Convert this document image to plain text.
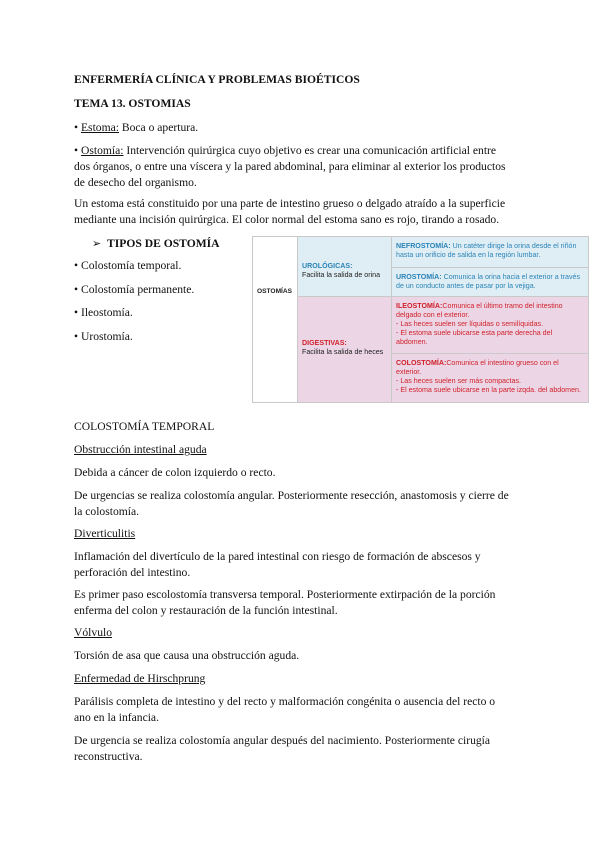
ENFERMERÍA CLÍNICA Y PROBLEMAS BIOÉTICOS

TEMA 13. OSTOMIAS

• Estoma: Boca o apertura.

• Ostomía: Intervención quirúrgica cuyo objetivo es crear una comunicación artificial entre

dos órganos, o entre una víscera y la pared abdominal, para eliminar al exterior los productos

de desecho del organismo.

Un estoma está constituido por una parte de intestino grueso o delgado atraído a la superficie

mediante una incisión quirúrgica. El color normal del estoma sano es rojo, tirando a rosado.

➢ TIPOS DE OSTOMÍA

• Colostomía temporal.

• Colostomía permanente.

• Ileostomía.

• Urostomía.

OSTOMÍAS
UROLÓGICAS:
Facilita la salida de orina
DIGESTIVAS:
Facilita la salida de heces
NEFROSTOMÍA: Un catéter dirige la orina desde el riñón
hasta un orificio de salida en la región lumbar.
UROSTOMÍA: Comunica la orina hacia el exterior a través
de un conducto antes de pasar por la vejiga.
ILEOSTOMÍA:Comunica el último tramo del intestino
delgado con el exterior.
- Las heces suelen ser líquidas o semilíquidas.
- El estoma suele ubicarse esta parte derecha del
abdomen.
COLOSTOMÍA:Comunica el intestino grueso con el
exterior.
- Las heces suelen ser más compactas.
- El estoma suele ubicarse en la parte izqda. del abdomen.

COLOSTOMÍA TEMPORAL

Obstrucción intestinal aguda

Debida a cáncer de colon izquierdo o recto.

De urgencias se realiza colostomía angular. Posteriormente resección, anastomosis y cierre de

la colostomía.

Diverticulitis

Inflamación del divertículo de la pared intestinal con riesgo de formación de abscesos y

perforación del intestino.

Es primer paso escolostomía transversa temporal. Posteriormente extirpación de la porción

enferma del colon y restauración de la función intestinal.

Vólvulo

Torsión de asa que causa una obstrucción aguda.

Enfermedad de Hirschprung

Parálisis completa de intestino y del recto y malformación congénita o ausencia del recto o

ano en la infancia.

De urgencia se realiza colostomía angular después del nacimiento. Posteriormente cirugía

reconstructiva.
